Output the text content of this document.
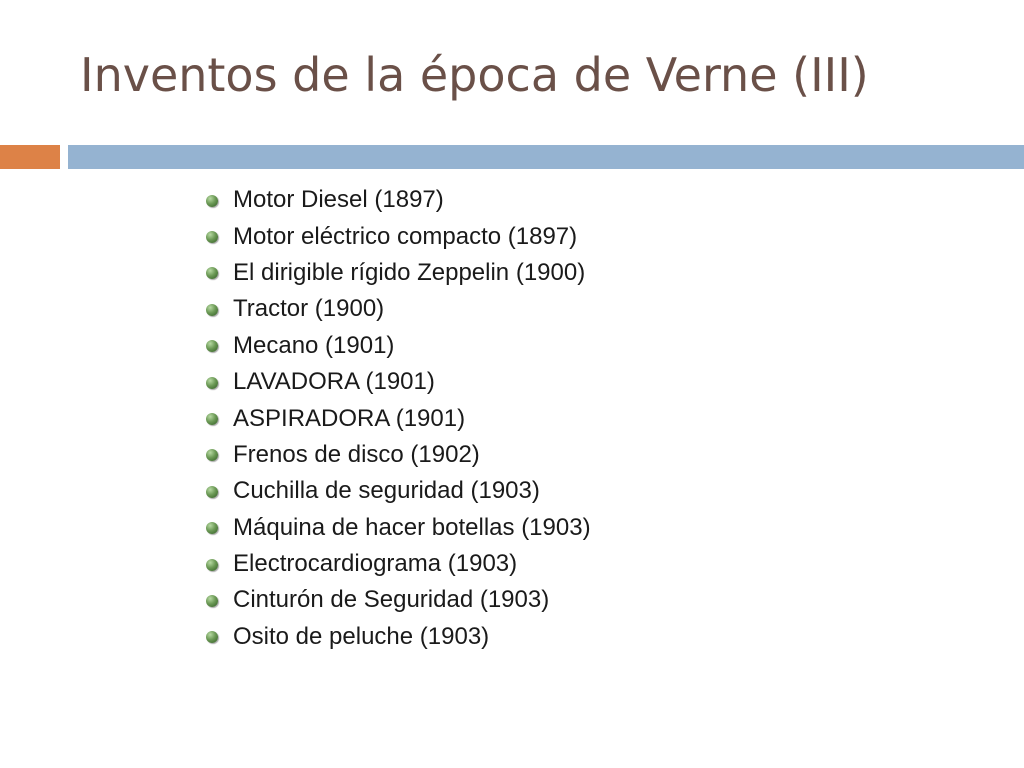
Inventos de la época de Verne (III)
Motor Diesel (1897)
Motor eléctrico compacto (1897)
El dirigible rígido Zeppelin (1900)
Tractor (1900)
Mecano (1901)
LAVADORA (1901)
ASPIRADORA (1901)
Frenos de disco (1902)
Cuchilla de seguridad (1903)
Máquina de hacer botellas (1903)
Electrocardiograma (1903)
Cinturón de Seguridad (1903)
Osito de peluche (1903)
